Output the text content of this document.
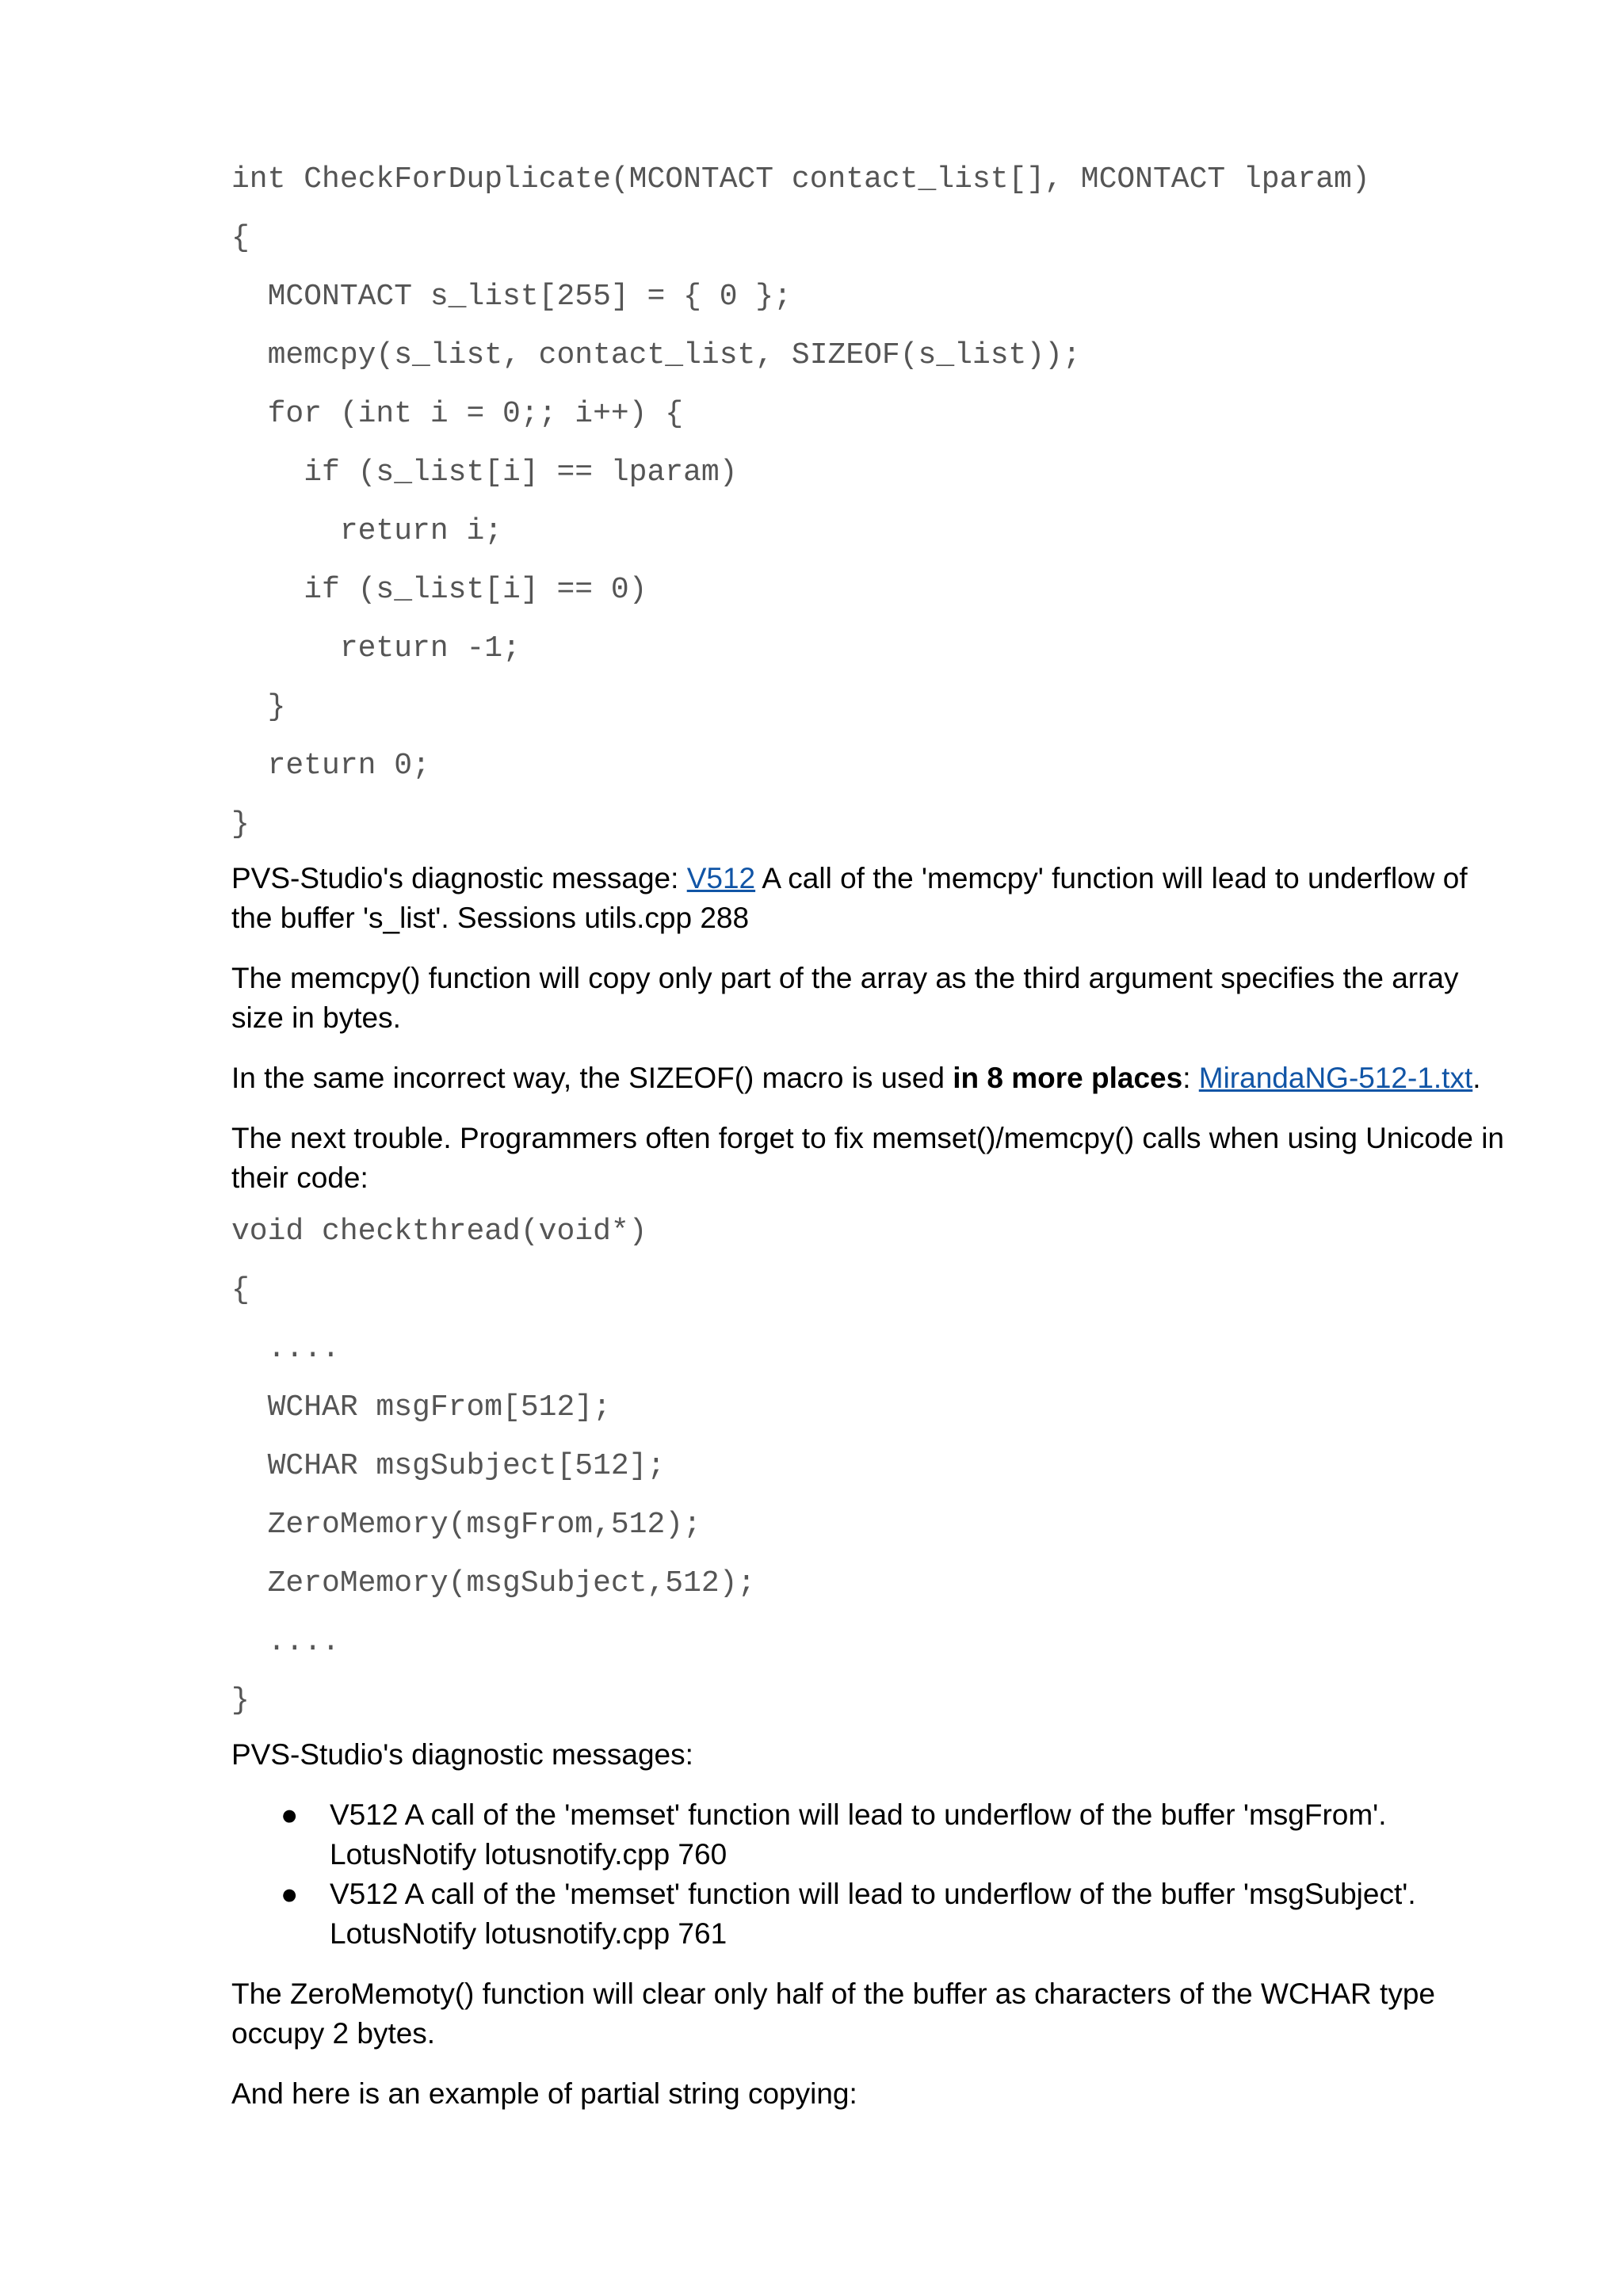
int CheckForDuplicate(MCONTACT contact_list[], MCONTACT lparam)
{
MCONTACT s_list[255] = { 0 };
memcpy(s_list, contact_list, SIZEOF(s_list));
for (int i = 0;; i++) {
if (s_list[i] == lparam)
return i;
if (s_list[i] == 0)
return -1;
}
return 0;
}

PVS-Studio's diagnostic message: V512 A call of the 'memcpy' function will lead to underflow of the buffer 's_list'. Sessions utils.cpp 288

The memcpy() function will copy only part of the array as the third argument specifies the array size in bytes.

In the same incorrect way, the SIZEOF() macro is used in 8 more places: MirandaNG-512-1.txt.

The next trouble. Programmers often forget to fix memset()/memcpy() calls when using Unicode in their code:

void checkthread(void*)
{
....
WCHAR msgFrom[512];
WCHAR msgSubject[512];
ZeroMemory(msgFrom,512);
ZeroMemory(msgSubject,512);
....
}

PVS-Studio's diagnostic messages:

● V512 A call of the 'memset' function will lead to underflow of the buffer 'msgFrom'. LotusNotify lotusnotify.cpp 760
● V512 A call of the 'memset' function will lead to underflow of the buffer 'msgSubject'. LotusNotify lotusnotify.cpp 761

The ZeroMemoty() function will clear only half of the buffer as characters of the WCHAR type occupy 2 bytes.

And here is an example of partial string copying:
